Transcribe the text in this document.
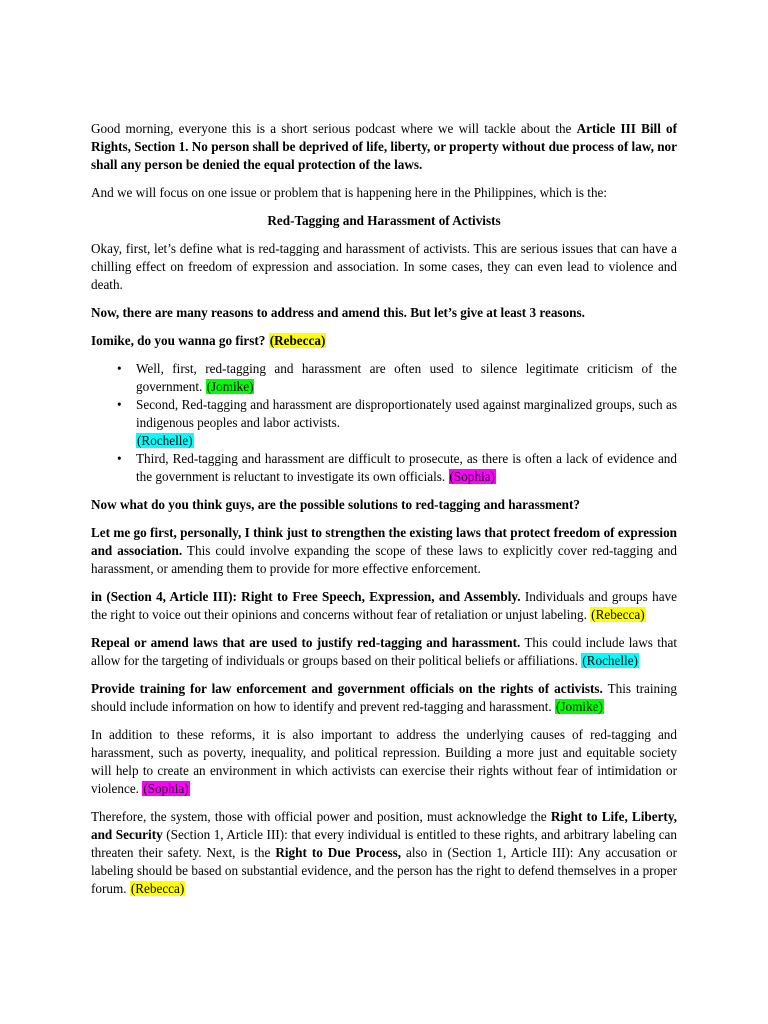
Good morning, everyone this is a short serious podcast where we will tackle about the Article III Bill of Rights, Section 1. No person shall be deprived of life, liberty, or property without due process of law, nor shall any person be denied the equal protection of the laws.

And we will focus on one issue or problem that is happening here in the Philippines, which is the:

Red-Tagging and Harassment of Activists

Okay, first, let’s define what is red-tagging and harassment of activists. This are serious issues that can have a chilling effect on freedom of expression and association. In some cases, they can even lead to violence and death.

Now, there are many reasons to address and amend this. But let’s give at least 3 reasons.

Iomike, do you wanna go first? (Rebecca)

• Well, first, red-tagging and harassment are often used to silence legitimate criticism of the government. (Jomike)
• Second, Red-tagging and harassment are disproportionately used against marginalized groups, such as indigenous peoples and labor activists.
(Rochelle)
• Third, Red-tagging and harassment are difficult to prosecute, as there is often a lack of evidence and the government is reluctant to investigate its own officials. (Sophia)

Now what do you think guys, are the possible solutions to red-tagging and harassment?

Let me go first, personally, I think just to strengthen the existing laws that protect freedom of expression and association. This could involve expanding the scope of these laws to explicitly cover red-tagging and harassment, or amending them to provide for more effective enforcement.

in (Section 4, Article III): Right to Free Speech, Expression, and Assembly. Individuals and groups have the right to voice out their opinions and concerns without fear of retaliation or unjust labeling. (Rebecca)

Repeal or amend laws that are used to justify red-tagging and harassment. This could include laws that allow for the targeting of individuals or groups based on their political beliefs or affiliations. (Rochelle)

Provide training for law enforcement and government officials on the rights of activists. This training should include information on how to identify and prevent red-tagging and harassment. (Jomike)

In addition to these reforms, it is also important to address the underlying causes of red-tagging and harassment, such as poverty, inequality, and political repression. Building a more just and equitable society will help to create an environment in which activists can exercise their rights without fear of intimidation or violence. (Sophia)

Therefore, the system, those with official power and position, must acknowledge the Right to Life, Liberty, and Security (Section 1, Article III): that every individual is entitled to these rights, and arbitrary labeling can threaten their safety. Next, is the Right to Due Process, also in (Section 1, Article III): Any accusation or labeling should be based on substantial evidence, and the person has the right to defend themselves in a proper forum. (Rebecca)
